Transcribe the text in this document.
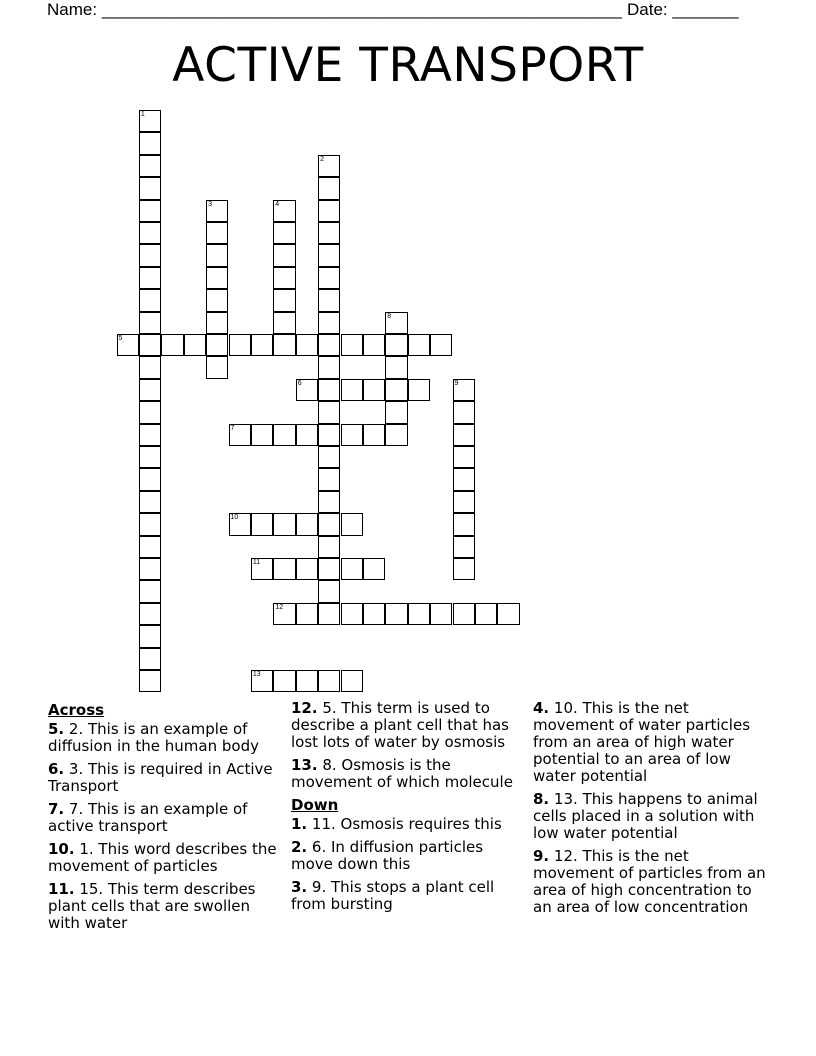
Name: _______________________________________________________ Date: _______
ACTIVE TRANSPORT
1
2
3	4
5
6
7
8
9
10
11
12
13
Across
5. 2. This is an example of diffusion in the human body
6. 3. This is required in Active Transport
7. 7. This is an example of active transport
10. 1. This word describes the movement of particles
11. 15. This term describes plant cells that are swollen with water
12. 5. This term is used to describe a plant cell that has lost lots of water by osmosis
13. 8. Osmosis is the movement of which molecule
Down
1. 11. Osmosis requires this
2. 6. In diffusion particles move down this
3. 9. This stops a plant cell from bursting
4. 10. This is the net movement of water particles from an area of high water potential to an area of low water potential
8. 13. This happens to animal cells placed in a solution with low water potential
9. 12. This is the net movement of particles from an area of high concentration to an area of low concentration
